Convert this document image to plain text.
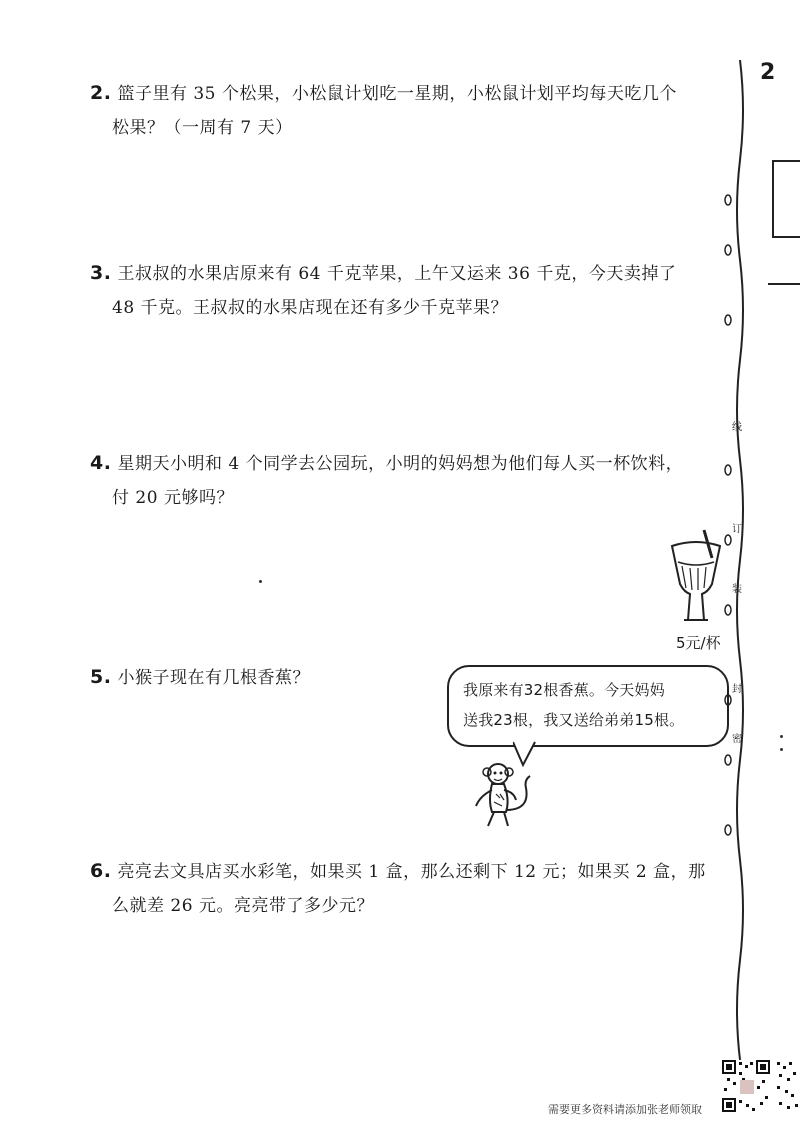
2. 篮子里有 35 个松果，小松鼠计划吃一星期，小松鼠计划平均每天吃几个
松果？（一周有 7 天）
3. 王叔叔的水果店原来有 64 千克苹果，上午又运来 36 千克，今天卖掉了
48 千克。王叔叔的水果店现在还有多少千克苹果？
4. 星期天小明和 4 个同学去公园玩，小明的妈妈想为他们每人买一杯饮料，
付 20 元够吗？
5. 小猴子现在有几根香蕉？
6. 亮亮去文具店买水彩笔，如果买 1 盒，那么还剩下 12 元；如果买 2 盒，那
么就差 26 元。亮亮带了多少元？
5元/杯
我原来有32根香蕉。今天妈妈
送我23根，我又送给弟弟15根。
2
需要更多资料请添加张老师领取
线
订
装
封
密
